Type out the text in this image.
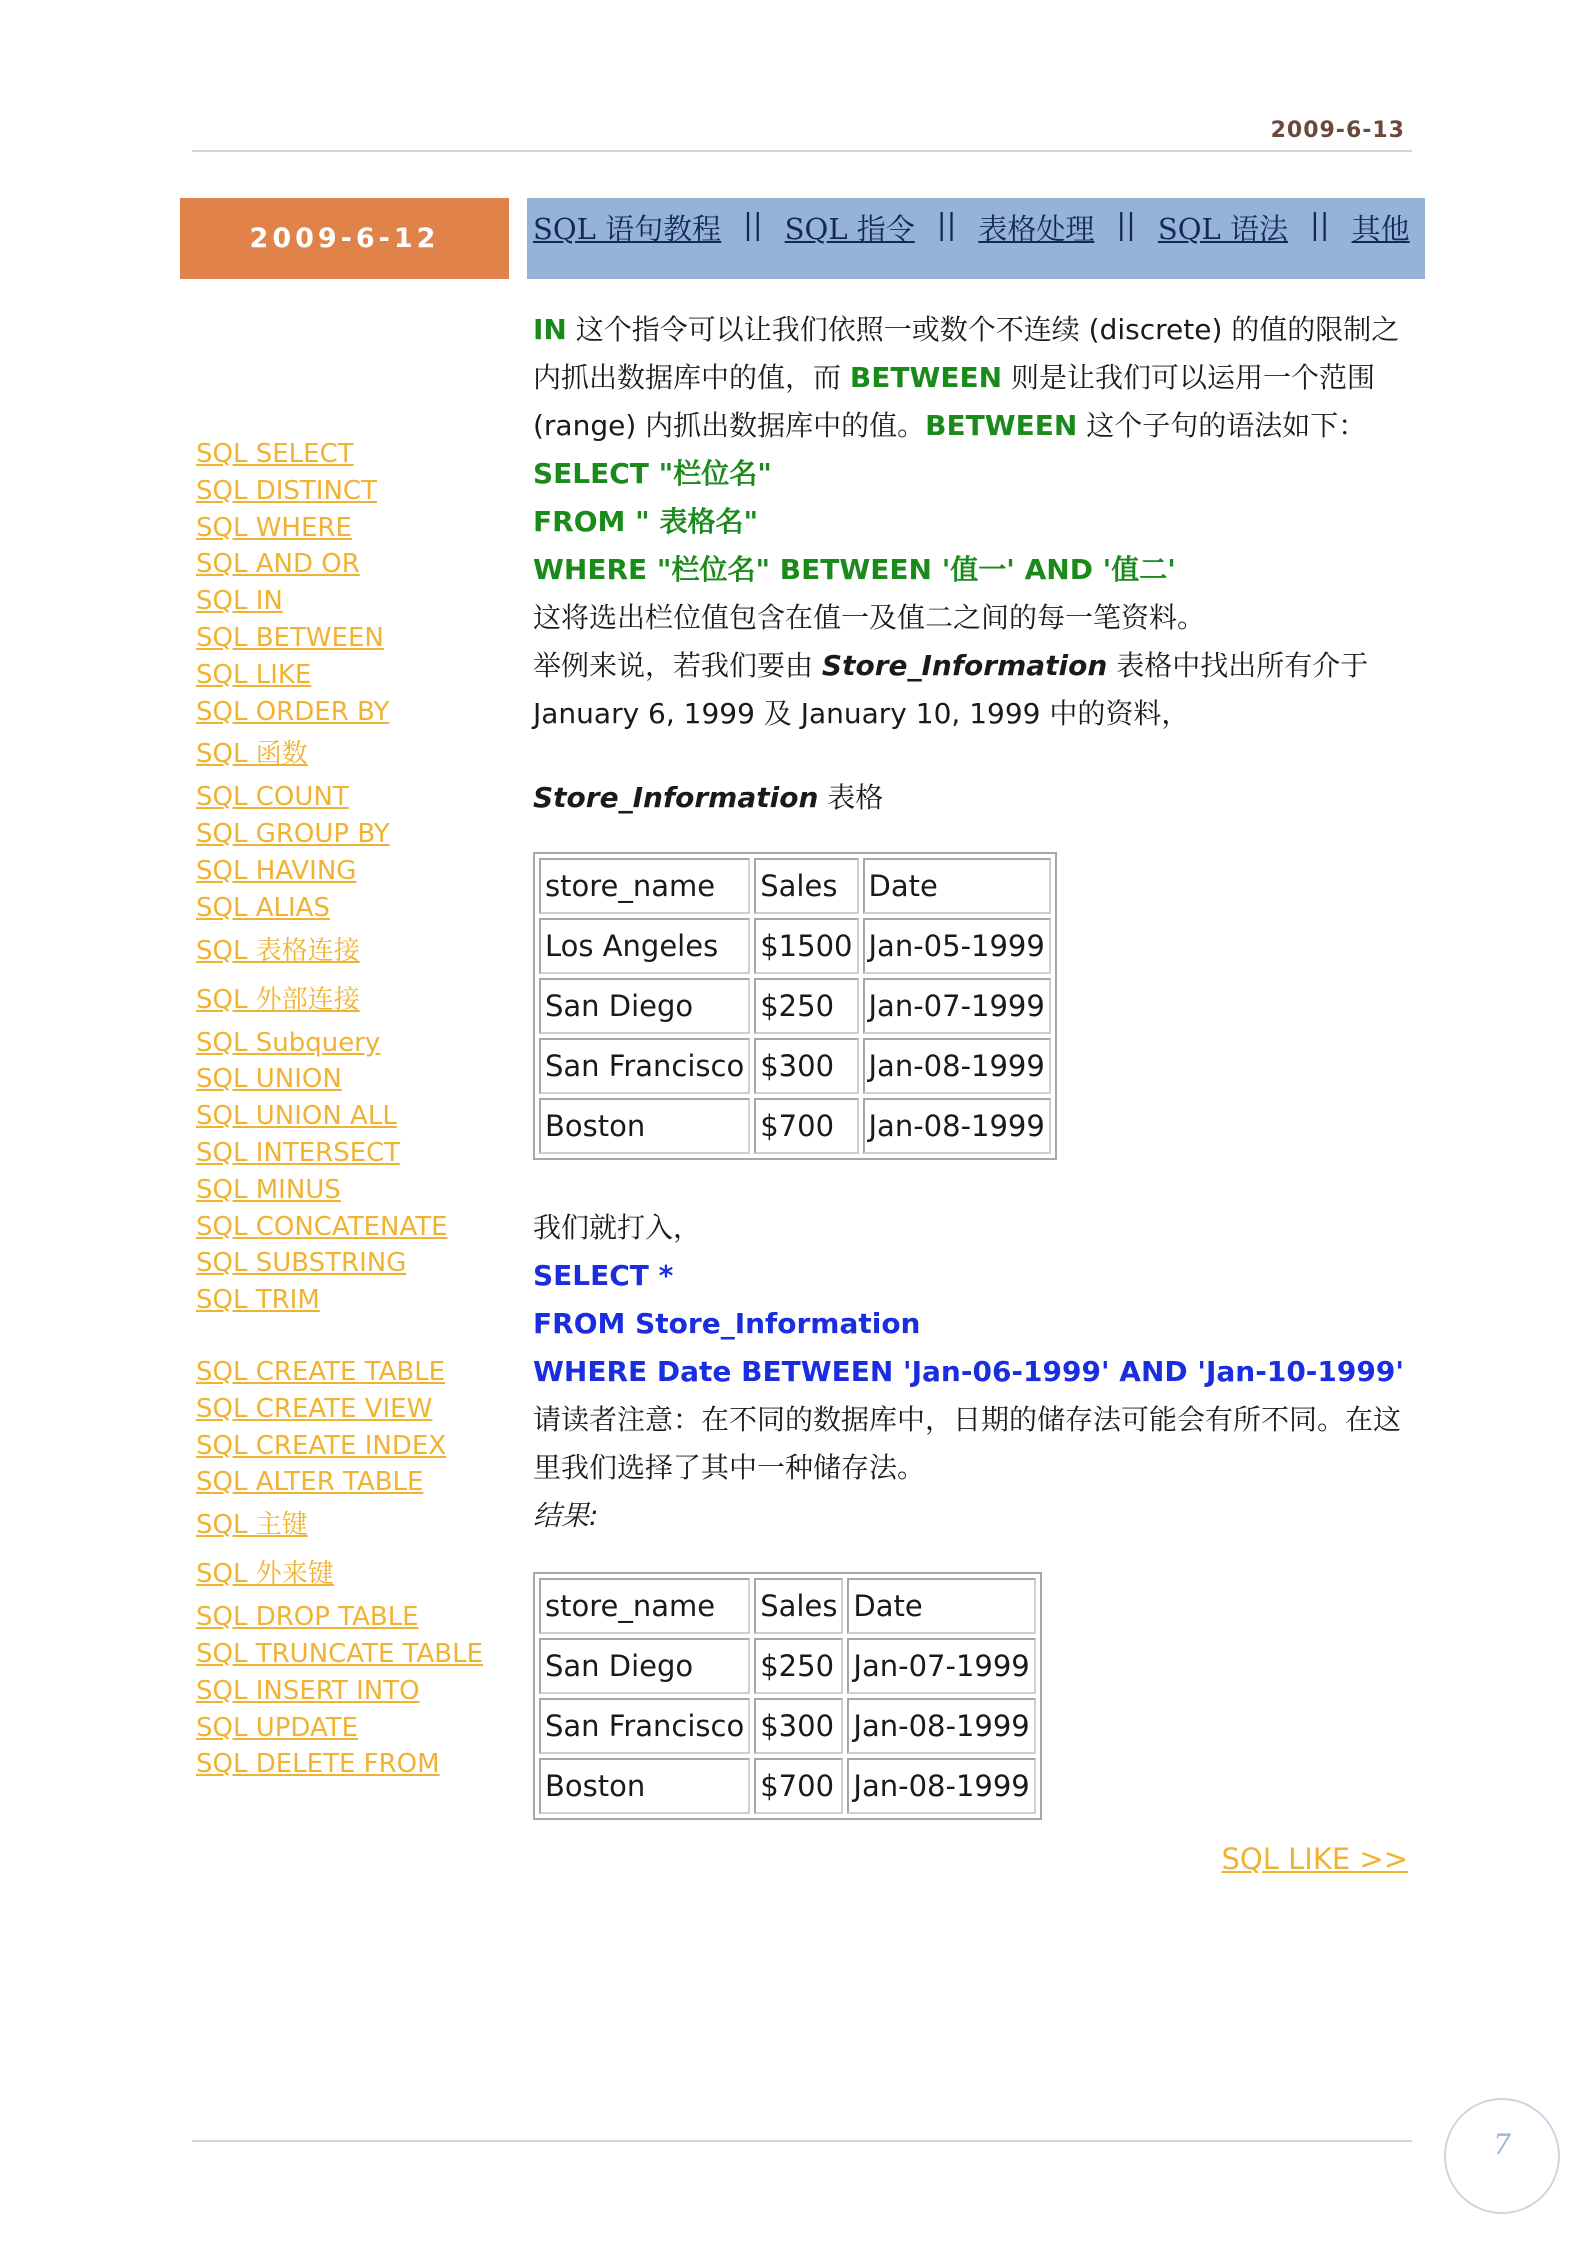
2009-6-13
2009-6-12	SQL 语句教程 || SQL 指令 || 表格处理 || SQL 语法 || 其他
SQL SELECT
SQL DISTINCT
SQL WHERE
SQL AND OR
SQL IN
SQL BETWEEN
SQL LIKE
SQL ORDER BY
SQL 函数
SQL COUNT
SQL GROUP BY
SQL HAVING
SQL ALIAS
SQL 表格连接
SQL 外部连接
SQL Subquery
SQL UNION
SQL UNION ALL
SQL INTERSECT
SQL MINUS
SQL CONCATENATE
SQL SUBSTRING
SQL TRIM
SQL CREATE TABLE
SQL CREATE VIEW
SQL CREATE INDEX
SQL ALTER TABLE
SQL 主键
SQL 外来键
SQL DROP TABLE
SQL TRUNCATE TABLE
SQL INSERT INTO
SQL UPDATE
SQL DELETE FROM

IN 这个指令可以让我们依照一或数个不连续 (discrete) 的值的限制之内抓出数据库中的值，而 BETWEEN 则是让我们可以运用一个范围 (range) 内抓出数据库中的值。BETWEEN 这个子句的语法如下：

SELECT "栏位名"

FROM " 表格名"

WHERE "栏位名" BETWEEN '值一' AND '值二'

这将选出栏位值包含在值一及值二之间的每一笔资料。

举例来说，若我们要由 Store_Information 表格中找出所有介于 January 6, 1999 及 January 10, 1999 中的资料，

Store_Information 表格

store_name	Sales	Date
Los Angeles	$1500	Jan-05-1999
San Diego	$250	Jan-07-1999
San Francisco	$300	Jan-08-1999
Boston	$700	Jan-08-1999

我们就打入，

SELECT *

FROM Store_Information

WHERE Date BETWEEN 'Jan-06-1999' AND 'Jan-10-1999'

请读者注意：在不同的数据库中，日期的储存法可能会有所不同。在这里我们选择了其中一种储存法。

结果:

store_name	Sales	Date
San Diego	$250	Jan-07-1999
San Francisco	$300	Jan-08-1999
Boston	$700	Jan-08-1999
SQL LIKE >>
7
